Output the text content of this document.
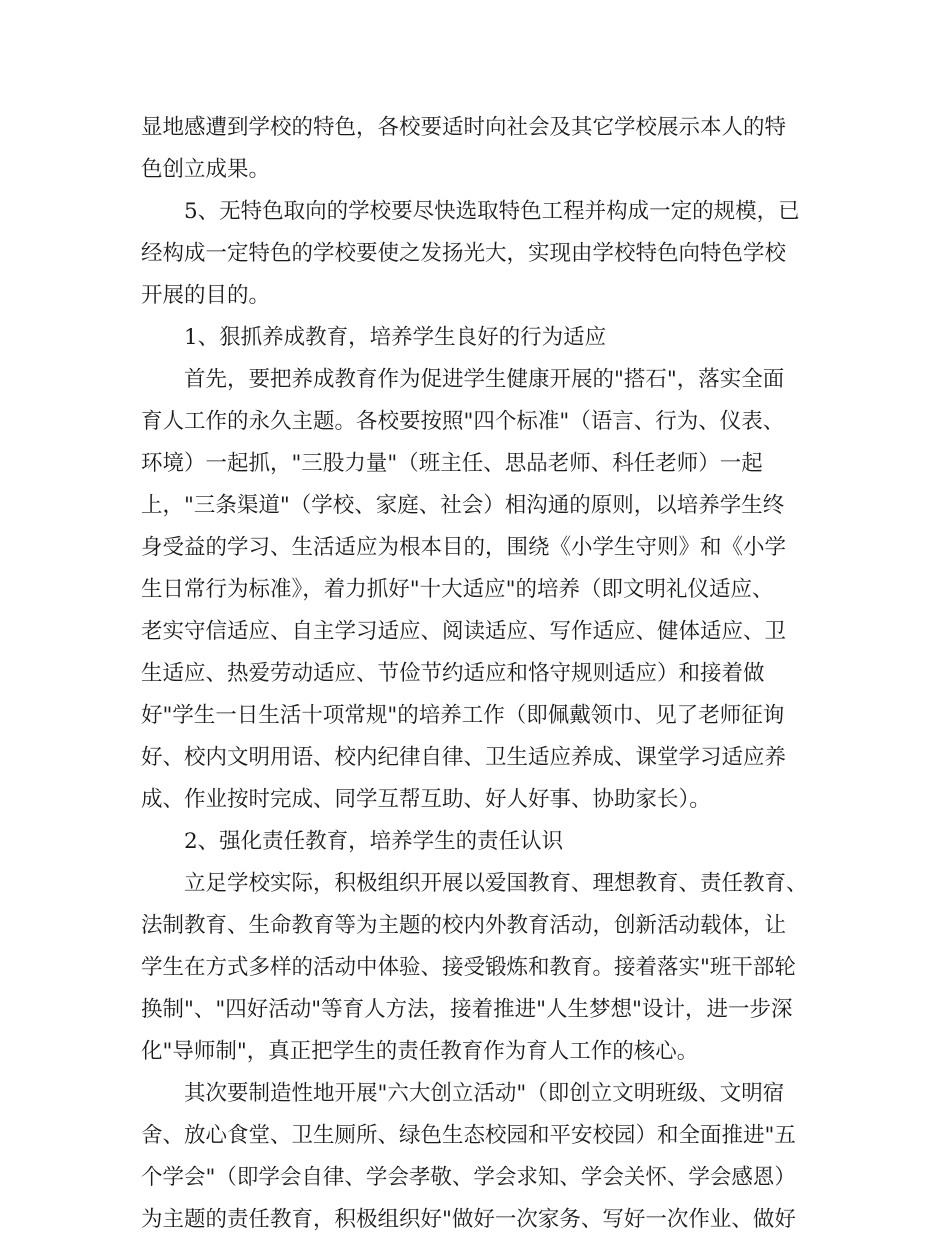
显地感遭到学校的特色，各校要适时向社会及其它学校展示本人的特
色创立成果。
5、无特色取向的学校要尽快选取特色工程并构成一定的规模，已
经构成一定特色的学校要使之发扬光大，实现由学校特色向特色学校
开展的目的。
1、狠抓养成教育，培养学生良好的行为适应
首先，要把养成教育作为促进学生健康开展的"搭石"，落实全面
育人工作的永久主题。各校要按照"四个标准"（语言、行为、仪表、
环境）一起抓，"三股力量"（班主任、思品老师、科任老师）一起
上，"三条渠道"（学校、家庭、社会）相沟通的原则，以培养学生终
身受益的学习、生活适应为根本目的，围绕《小学生守则》和《小学
生日常行为标准》，着力抓好"十大适应"的培养（即文明礼仪适应、
老实守信适应、自主学习适应、阅读适应、写作适应、健体适应、卫
生适应、热爱劳动适应、节俭节约适应和恪守规则适应）和接着做
好"学生一日生活十项常规"的培养工作（即佩戴领巾、见了老师征询
好、校内文明用语、校内纪律自律、卫生适应养成、课堂学习适应养
成、作业按时完成、同学互帮互助、好人好事、协助家长）。
2、强化责任教育，培养学生的责任认识
立足学校实际，积极组织开展以爱国教育、理想教育、责任教育、
法制教育、生命教育等为主题的校内外教育活动，创新活动载体，让
学生在方式多样的活动中体验、接受锻炼和教育。接着落实"班干部轮
换制"、"四好活动"等育人方法，接着推进"人生梦想"设计，进一步深
化"导师制"，真正把学生的责任教育作为育人工作的核心。
其次要制造性地开展"六大创立活动"（即创立文明班级、文明宿
舍、放心食堂、卫生厕所、绿色生态校园和平安校园）和全面推进"五
个学会"（即学会自律、学会孝敬、学会求知、学会关怀、学会感恩）
为主题的责任教育，积极组织好"做好一次家务、写好一次作业、做好
